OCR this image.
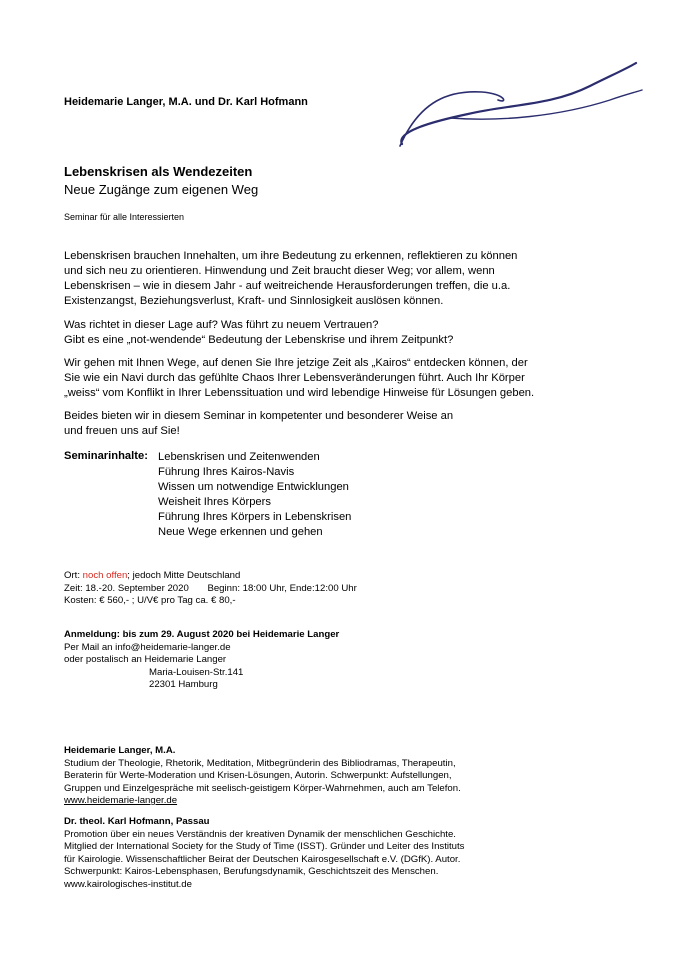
Heidemarie Langer, M.A. und Dr. Karl Hofmann
Lebenskrisen als Wendezeiten
Neue Zugänge zum eigenen Weg
Seminar für alle Interessierten
Lebenskrisen brauchen Innehalten, um ihre Bedeutung zu erkennen, reflektieren zu können
und sich neu zu orientieren. Hinwendung und Zeit braucht dieser Weg; vor allem, wenn
Lebenskrisen – wie in diesem Jahr - auf weitreichende Herausforderungen treffen, die u.a.
Existenzangst, Beziehungsverlust, Kraft- und Sinnlosigkeit auslösen können.
Was richtet in dieser Lage auf? Was führt zu neuem Vertrauen?
Gibt es eine „not-wendende“ Bedeutung der Lebenskrise und ihrem Zeitpunkt?
Wir gehen mit Ihnen Wege, auf denen Sie Ihre jetzige Zeit als „Kairos“ entdecken können, der
Sie wie ein Navi durch das gefühlte Chaos Ihrer Lebensveränderungen führt. Auch Ihr Körper
„weiss“ vom Konflikt in Ihrer Lebenssituation und wird lebendige Hinweise für Lösungen geben.
Beides bieten wir in diesem Seminar in kompetenter und besonderer Weise an
und freuen uns auf Sie!
Seminarinhalte: Lebenskrisen und Zeitenwenden
Führung Ihres Kairos-Navis
Wissen um notwendige Entwicklungen
Weisheit Ihres Körpers
Führung Ihres Körpers in Lebenskrisen
Neue Wege erkennen und gehen
Ort: noch offen; jedoch Mitte Deutschland
Zeit: 18.-20. September 2020       Beginn: 18:00 Uhr, Ende:12:00 Uhr
Kosten: € 560,- ; U/V€ pro Tag ca. € 80,-
Anmeldung: bis zum 29. August 2020 bei Heidemarie Langer
Per Mail an info@heidemarie-langer.de
oder postalisch an Heidemarie Langer
Maria-Louisen-Str.141
22301 Hamburg
Heidemarie Langer, M.A.
Studium der Theologie, Rhetorik, Meditation, Mitbegründerin des Bibliodramas, Therapeutin,
Beraterin für Werte-Moderation und Krisen-Lösungen, Autorin. Schwerpunkt: Aufstellungen,
Gruppen und Einzelgespräche mit seelisch-geistigem Körper-Wahrnehmen, auch am Telefon.
www.heidemarie-langer.de
Dr. theol. Karl Hofmann, Passau
Promotion über ein neues Verständnis der kreativen Dynamik der menschlichen Geschichte.
Mitglied der International Society for the Study of Time (ISST). Gründer und Leiter des Instituts
für Kairologie. Wissenschaftlicher Beirat der Deutschen Kairosgesellschaft e.V. (DGfK). Autor.
Schwerpunkt: Kairos-Lebensphasen, Berufungsdynamik, Geschichtszeit des Menschen.
www.kairologisches-institut.de
